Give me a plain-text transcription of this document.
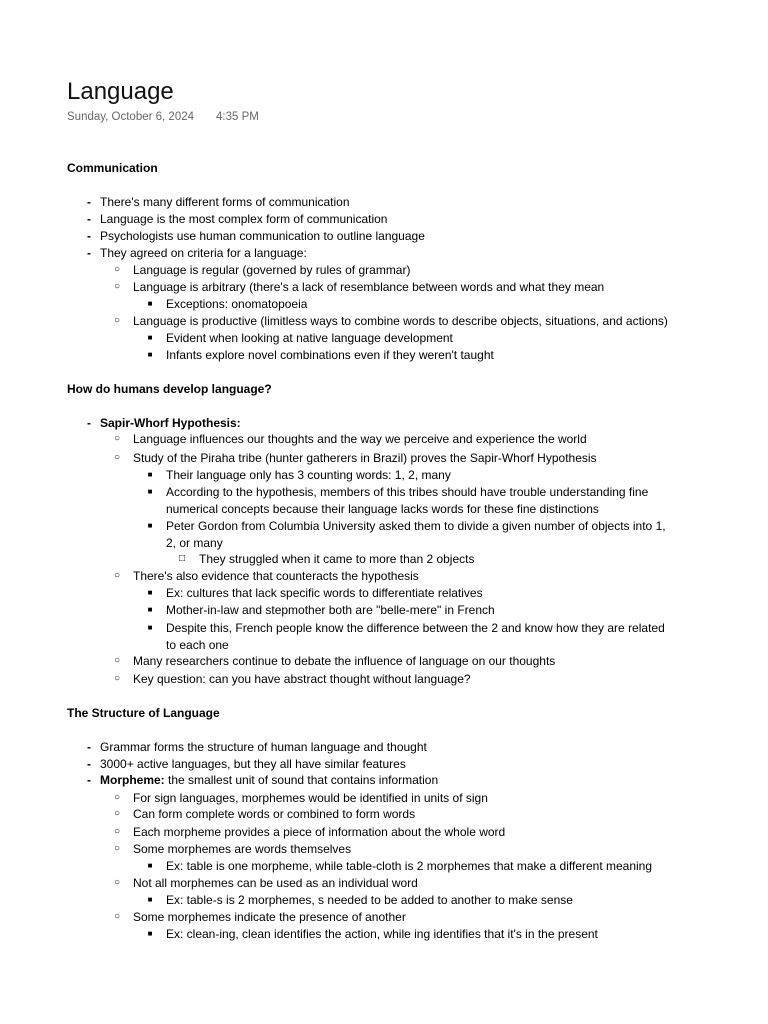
Language
Sunday, October 6, 2024 4:35 PM
Communication
- There's many different forms of communication
- Language is the most complex form of communication
- Psychologists use human communication to outline language
- They agreed on criteria for a language:
○ Language is regular (governed by rules of grammar)
○ Language is arbitrary (there's a lack of resemblance between words and what they mean
■ Exceptions: onomatopoeia
○ Language is productive (limitless ways to combine words to describe objects, situations, and actions)
■ Evident when looking at native language development
■ Infants explore novel combinations even if they weren't taught
How do humans develop language?
- Sapir-Whorf Hypothesis:
○ Language influences our thoughts and the way we perceive and experience the world
○ Study of the Piraha tribe (hunter gatherers in Brazil) proves the Sapir-Whorf Hypothesis
■ Their language only has 3 counting words: 1, 2, many
■ According to the hypothesis, members of this tribes should have trouble understanding fine
numerical concepts because their language lacks words for these fine distinctions
■ Peter Gordon from Columbia University asked them to divide a given number of objects into 1,
2, or many
□ They struggled when it came to more than 2 objects
○ There's also evidence that counteracts the hypothesis
■ Ex: cultures that lack specific words to differentiate relatives
■ Mother-in-law and stepmother both are "belle-mere" in French
■ Despite this, French people know the difference between the 2 and know how they are related
to each one
○ Many researchers continue to debate the influence of language on our thoughts
○ Key question: can you have abstract thought without language?
The Structure of Language
- Grammar forms the structure of human language and thought
- 3000+ active languages, but they all have similar features
- Morpheme: the smallest unit of sound that contains information
○ For sign languages, morphemes would be identified in units of sign
○ Can form complete words or combined to form words
○ Each morpheme provides a piece of information about the whole word
○ Some morphemes are words themselves
■ Ex: table is one morpheme, while table-cloth is 2 morphemes that make a different meaning
○ Not all morphemes can be used as an individual word
■ Ex: table-s is 2 morphemes, s needed to be added to another to make sense
○ Some morphemes indicate the presence of another
■ Ex: clean-ing, clean identifies the action, while ing identifies that it's in the present
